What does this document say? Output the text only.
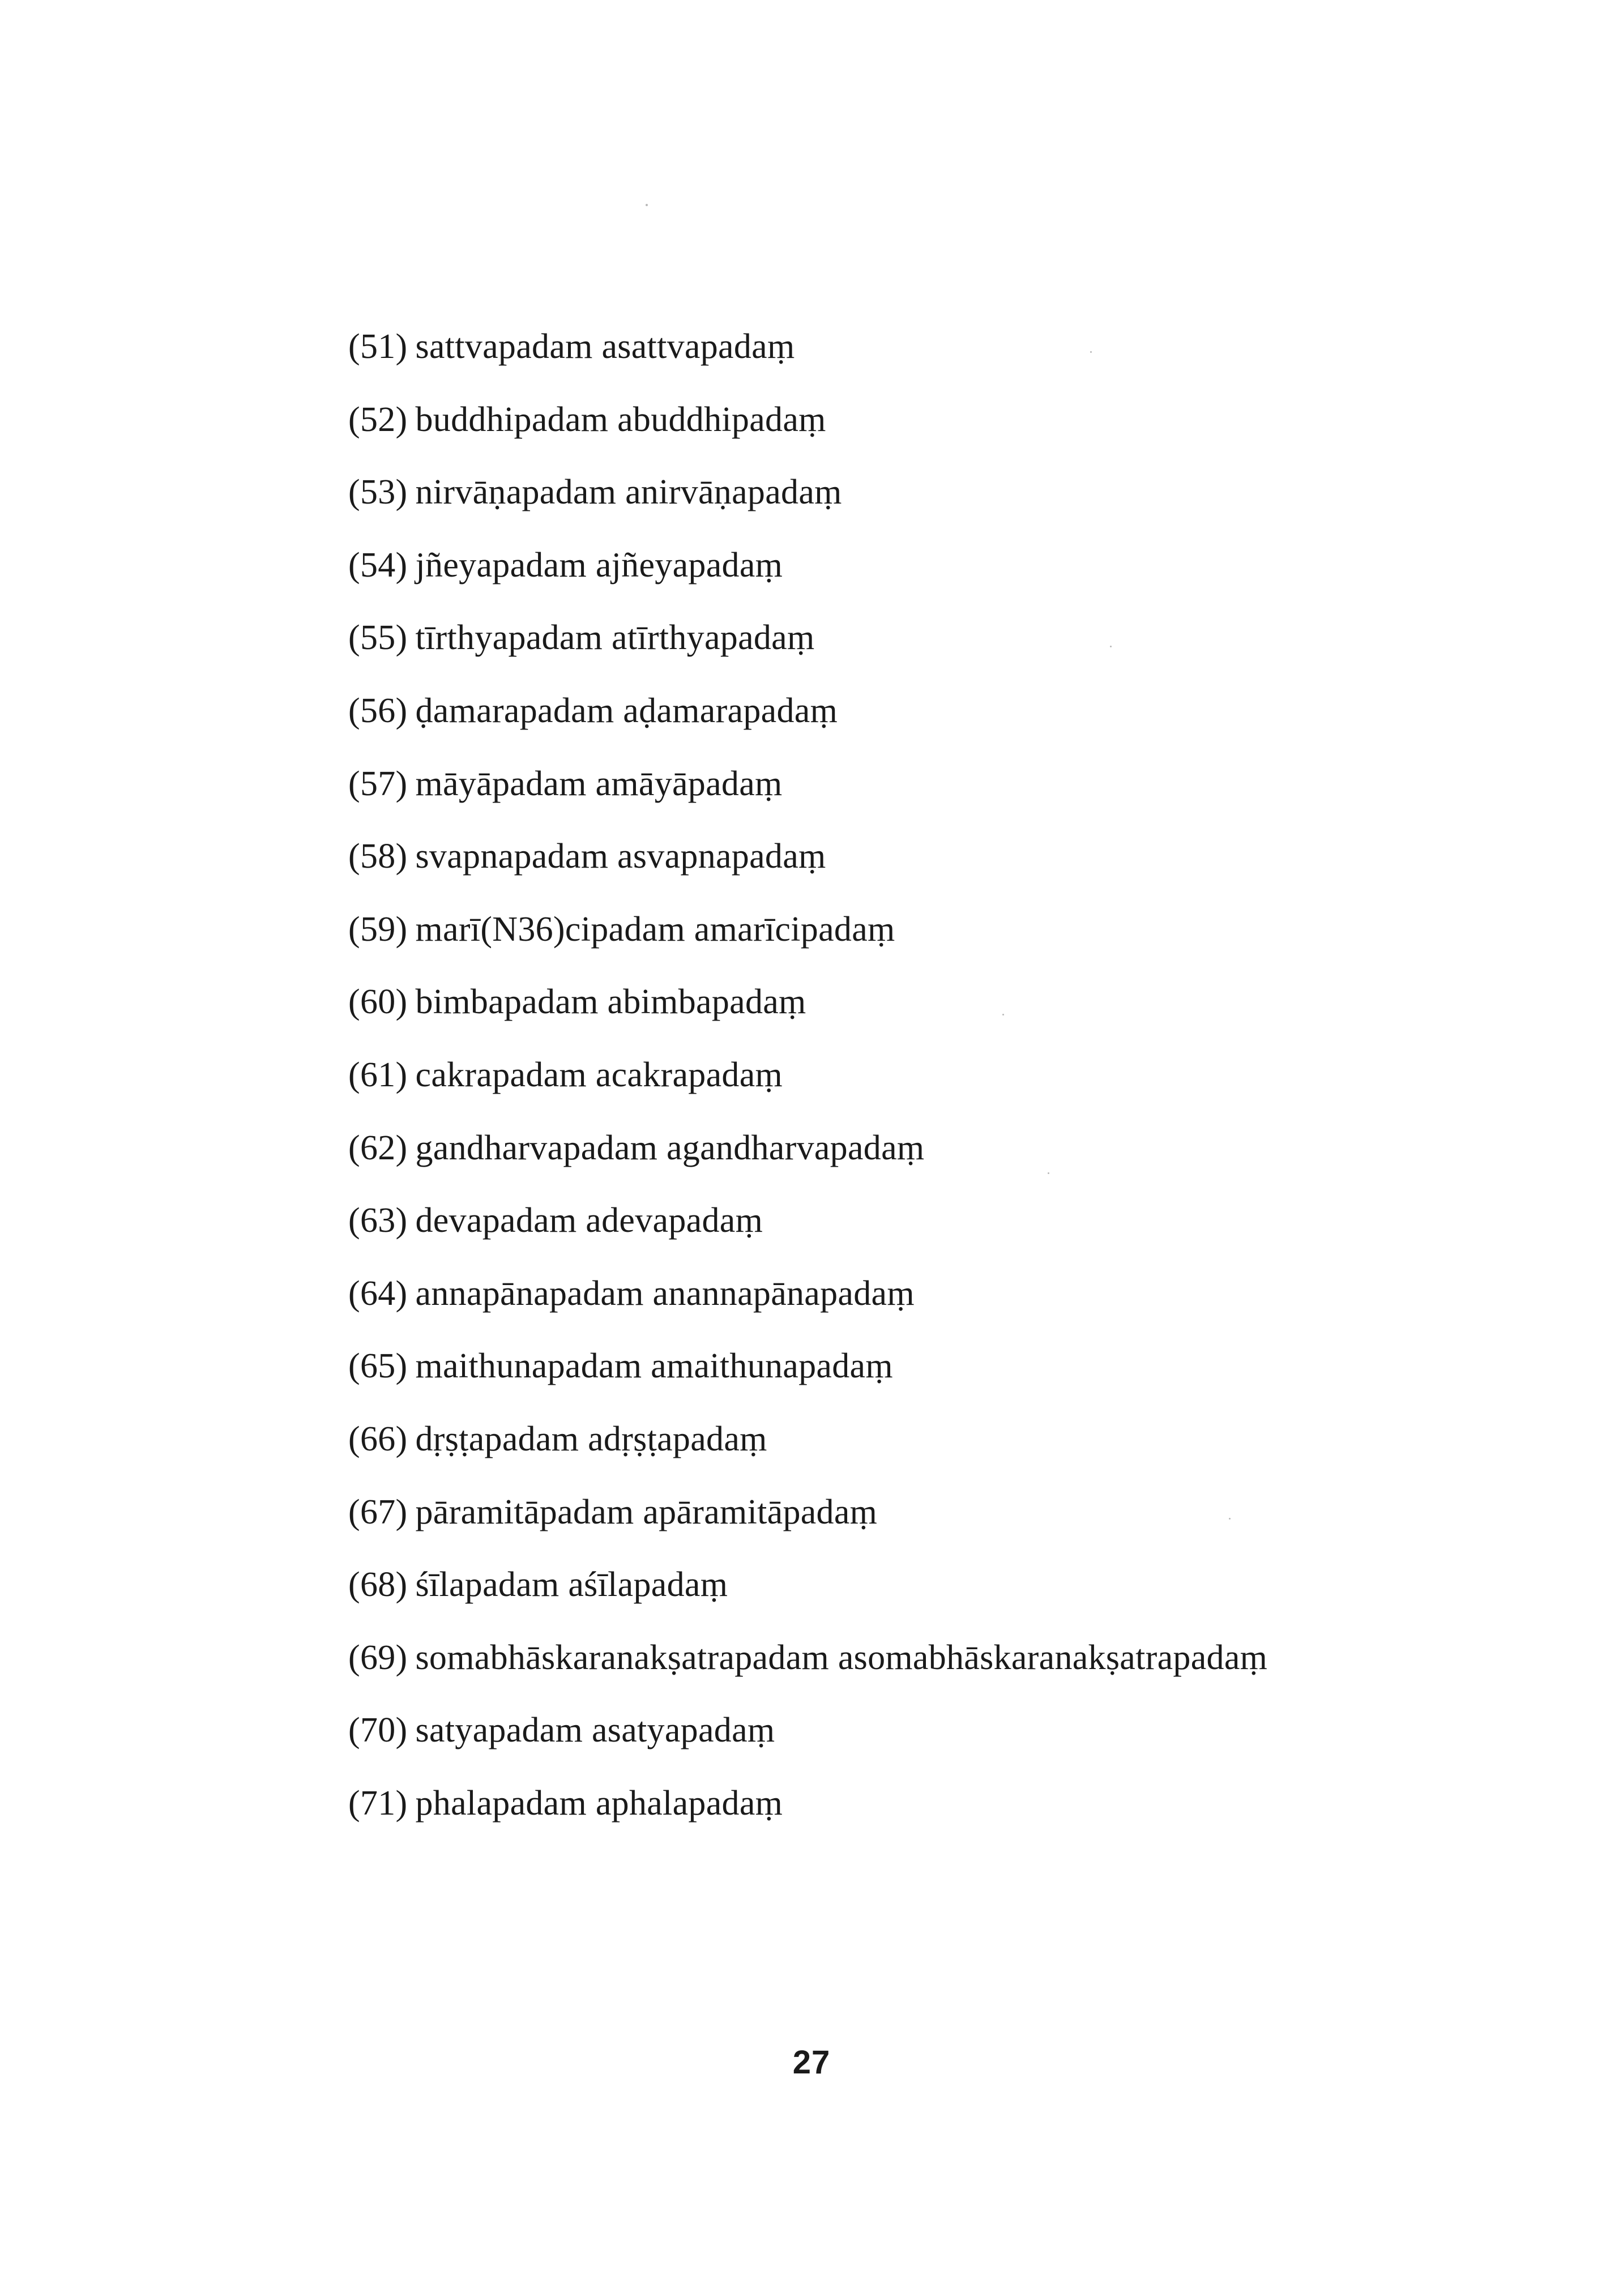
(51) sattvapadam asattvapadaṃ
(52) buddhipadam abuddhipadaṃ
(53) nirvāṇapadam anirvāṇapadaṃ
(54) jñeyapadam ajñeyapadaṃ
(55) tīrthyapadam atīrthyapadaṃ
(56) ḍamarapadam aḍamarapadaṃ
(57) māyāpadam amāyāpadaṃ
(58) svapnapadam asvapnapadaṃ
(59) marī(N36)cipadam amarīcipadaṃ
(60) bimbapadam abimbapadaṃ
(61) cakrapadam acakrapadaṃ
(62) gandharvapadam agandharvapadaṃ
(63) devapadam adevapadaṃ
(64) annapānapadam anannapānapadaṃ
(65) maithunapadam amaithunapadaṃ
(66) dṛṣṭapadam adṛṣṭapadaṃ
(67) pāramitāpadam apāramitāpadaṃ
(68) śīlapadam aśīlapadaṃ
(69) somabhāskaranakṣatrapadam asomabhāskaranakṣatrapadaṃ
(70) satyapadam asatyapadaṃ
(71) phalapadam aphalapadaṃ
27
